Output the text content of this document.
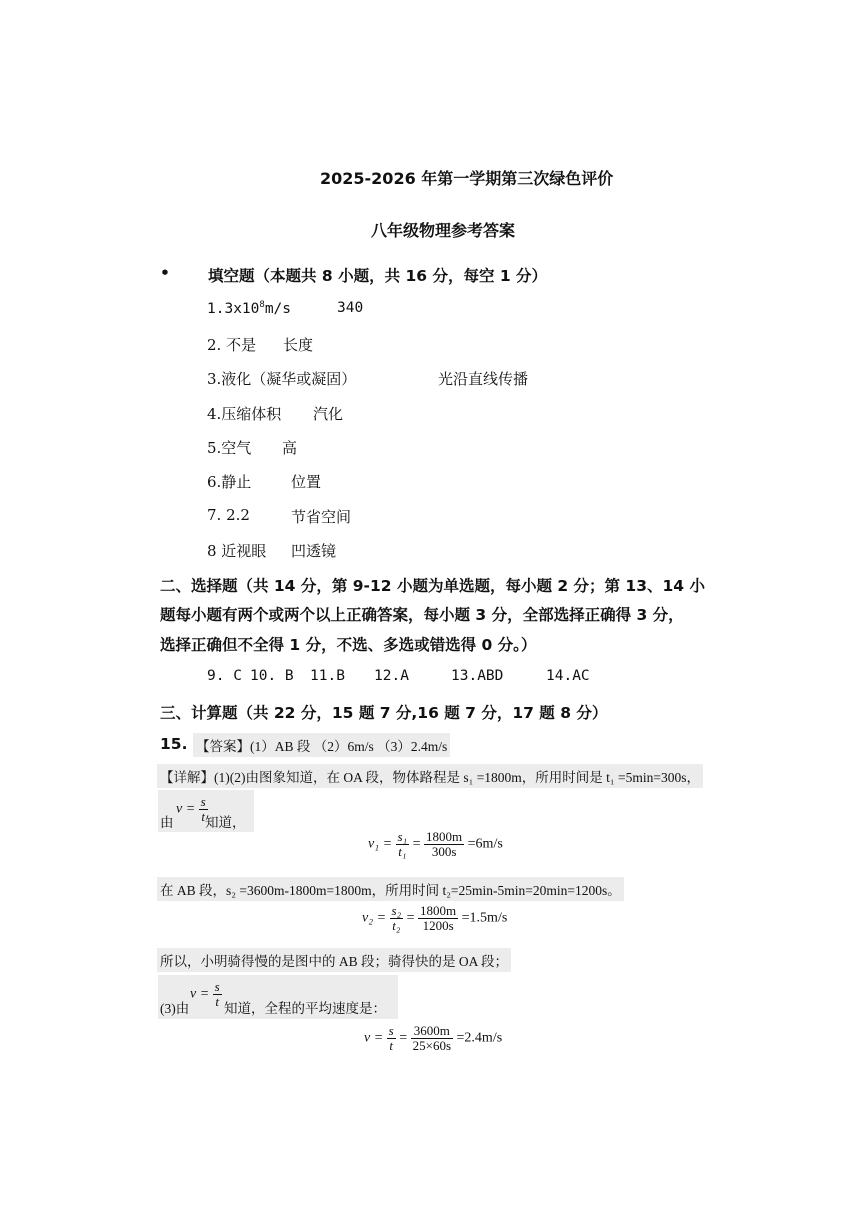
2025-2026 年第一学期第三次绿色评价
八年级物理参考答案
• 填空题（本题共 8 小题，共 16 分，每空 1 分）
$1.3x10^8m/s$	340
2. 不是 长度
3.液化（凝华或凝固）	光沿直线传播
4.压缩体积 汽化
5.空气 高
6.静止	位置
7. 2.2	节省空间
8 近视眼 凹透镜
二、选择题（共 14 分，第 9-12 小题为单选题，每小题 2 分；第 13、14 小
题每小题有两个或两个以上正确答案，每小题 3 分，全部选择正确得 3 分，
选择正确但不全得 1 分，不选、多选或错选得 0 分。）
9. C 10. B 11.B 12.A	13.ABD	14.AC
三、计算题（共 22 分，15 题 7 分,16 题 7 分，17 题 8 分）
15. 【答案】(1）AB 段 （2）6m/s （3）2.4m/s
【详解】(1)(2)由图象知道，在 OA 段，物体路程是 s₁ =1800m，所用时间是 t₁ =5min=300s，
由
$v = \frac{s}{t}$
知道，
$v_1 = \frac{\text{s₁}}{\text{t₁}} = \frac{1800m}{300s} =6m/s$
在 AB 段，s₂ =3600m-1800m=1800m，所用时间 t₂=25min-5min=20min=1200s。
$v_2 = \frac{\text{s₂}}{\text{t₂}} = \frac{1800m}{1200s} =1.5m/s$
所以，小明骑得慢的是图中的 AB 段；骑得快的是 OA 段；
(3)由
$v = \frac{s}{t}$ 知道，全程的平均速度是：
$v = \frac{s}{t} = \frac{3600m}{25\times 60s} =2.4m/s$
